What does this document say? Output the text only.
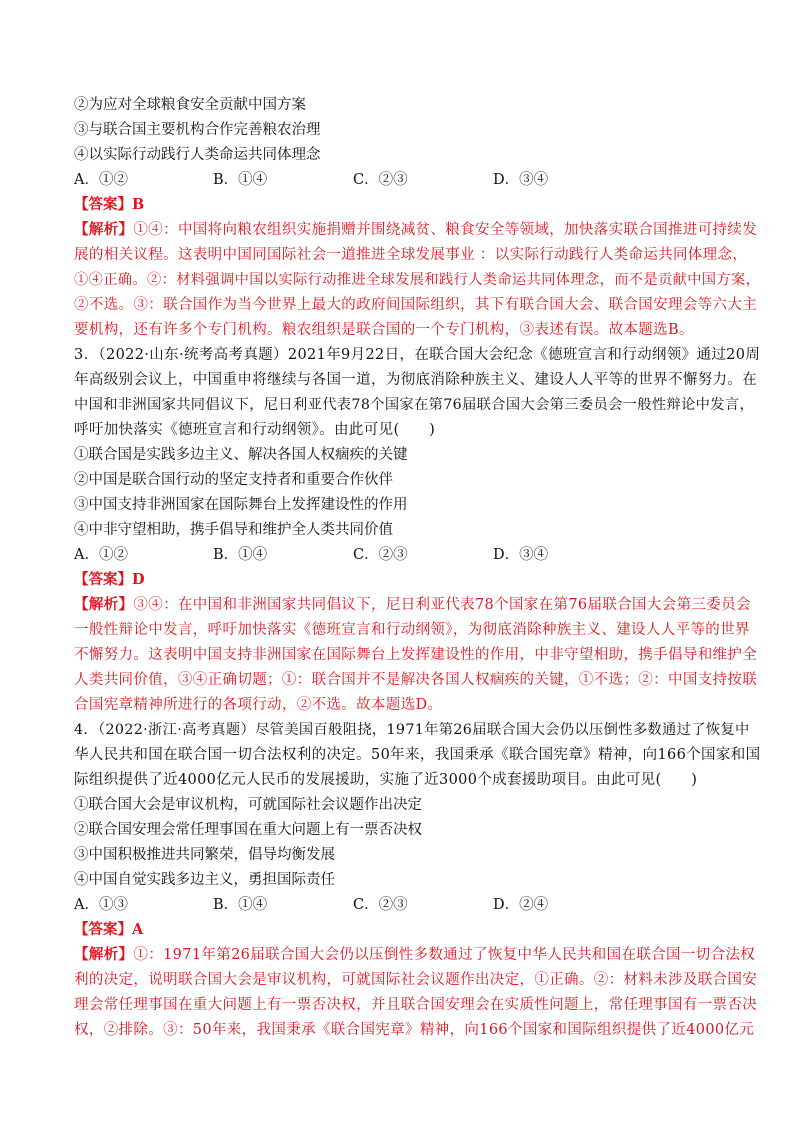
②为应对全球粮食安全贡献中国方案
③与联合国主要机构合作完善粮农治理
④以实际行动践行人类命运共同体理念
A．①②	B．①④	C．②③	D．③④
【答案】B
【解析】①④：中国将向粮农组织实施捐赠并围绕减贫、粮食安全等领域，加快落实联合国推进可持续发
展的相关议程。这表明中国同国际社会一道推进全球发展事业 ：以实际行动践行人类命运共同体理念，
①④正确。②：材料强调中国以实际行动推进全球发展和践行人类命运共同体理念，而不是贡献中国方案，
②不选。③：联合国作为当今世界上最大的政府间国际组织，其下有联合国大会、联合国安理会等六大主
要机构，还有许多个专门机构。粮农组织是联合国的一个专门机构，③表述有误。故本题选B。
3．（2022·山东·统考高考真题）2021年9月22日，在联合国大会纪念《德班宣言和行动纲领》通过20周
年高级别会议上，中国重申将继续与各国一道，为彻底消除种族主义、建设人人平等的世界不懈努力。在
中国和非洲国家共同倡议下，尼日利亚代表78个国家在第76届联合国大会第三委员会一般性辩论中发言，
呼吁加快落实《德班宣言和行动纲领》。由此可见(　　)
①联合国是实践多边主义、解决各国人权痼疾的关键
②中国是联合国行动的坚定支持者和重要合作伙伴
③中国支持非洲国家在国际舞台上发挥建设性的作用
④中非守望相助，携手倡导和维护全人类共同价值
A．①②	B．①④	C．②③	D．③④
【答案】D
【解析】③④：在中国和非洲国家共同倡议下，尼日利亚代表78个国家在第76届联合国大会第三委员会
一般性辩论中发言，呼吁加快落实《德班宣言和行动纲领》，为彻底消除种族主义、建设人人平等的世界
不懈努力。这表明中国支持非洲国家在国际舞台上发挥建设性的作用，中非守望相助，携手倡导和维护全
人类共同价值，③④正确切题；①：联合国并不是解决各国人权痼疾的关键，①不选；②：中国支持按联
合国宪章精神所进行的各项行动，②不选。故本题选D。
4．（2022·浙江·高考真题）尽管美国百般阻挠，1971年第26届联合国大会仍以压倒性多数通过了恢复中
华人民共和国在联合国一切合法权利的决定。50年来，我国秉承《联合国宪章》精神，向166个国家和国
际组织提供了近4000亿元人民币的发展援助，实施了近3000个成套援助项目。由此可见(　　)
①联合国大会是审议机构，可就国际社会议题作出决定
②联合国安理会常任理事国在重大问题上有一票否决权
③中国积极推进共同繁荣，倡导均衡发展
④中国自觉实践多边主义，勇担国际责任
A．①③	B．①④	C．②③	D．②④
【答案】A
【解析】①：1971年第26届联合国大会仍以压倒性多数通过了恢复中华人民共和国在联合国一切合法权
利的决定，说明联合国大会是审议机构，可就国际社会议题作出决定，①正确。②：材料未涉及联合国安
理会常任理事国在重大问题上有一票否决权，并且联合国安理会在实质性问题上，常任理事国有一票否决
权，②排除。③：50年来，我国秉承《联合国宪章》精神，向166个国家和国际组织提供了近4000亿元
